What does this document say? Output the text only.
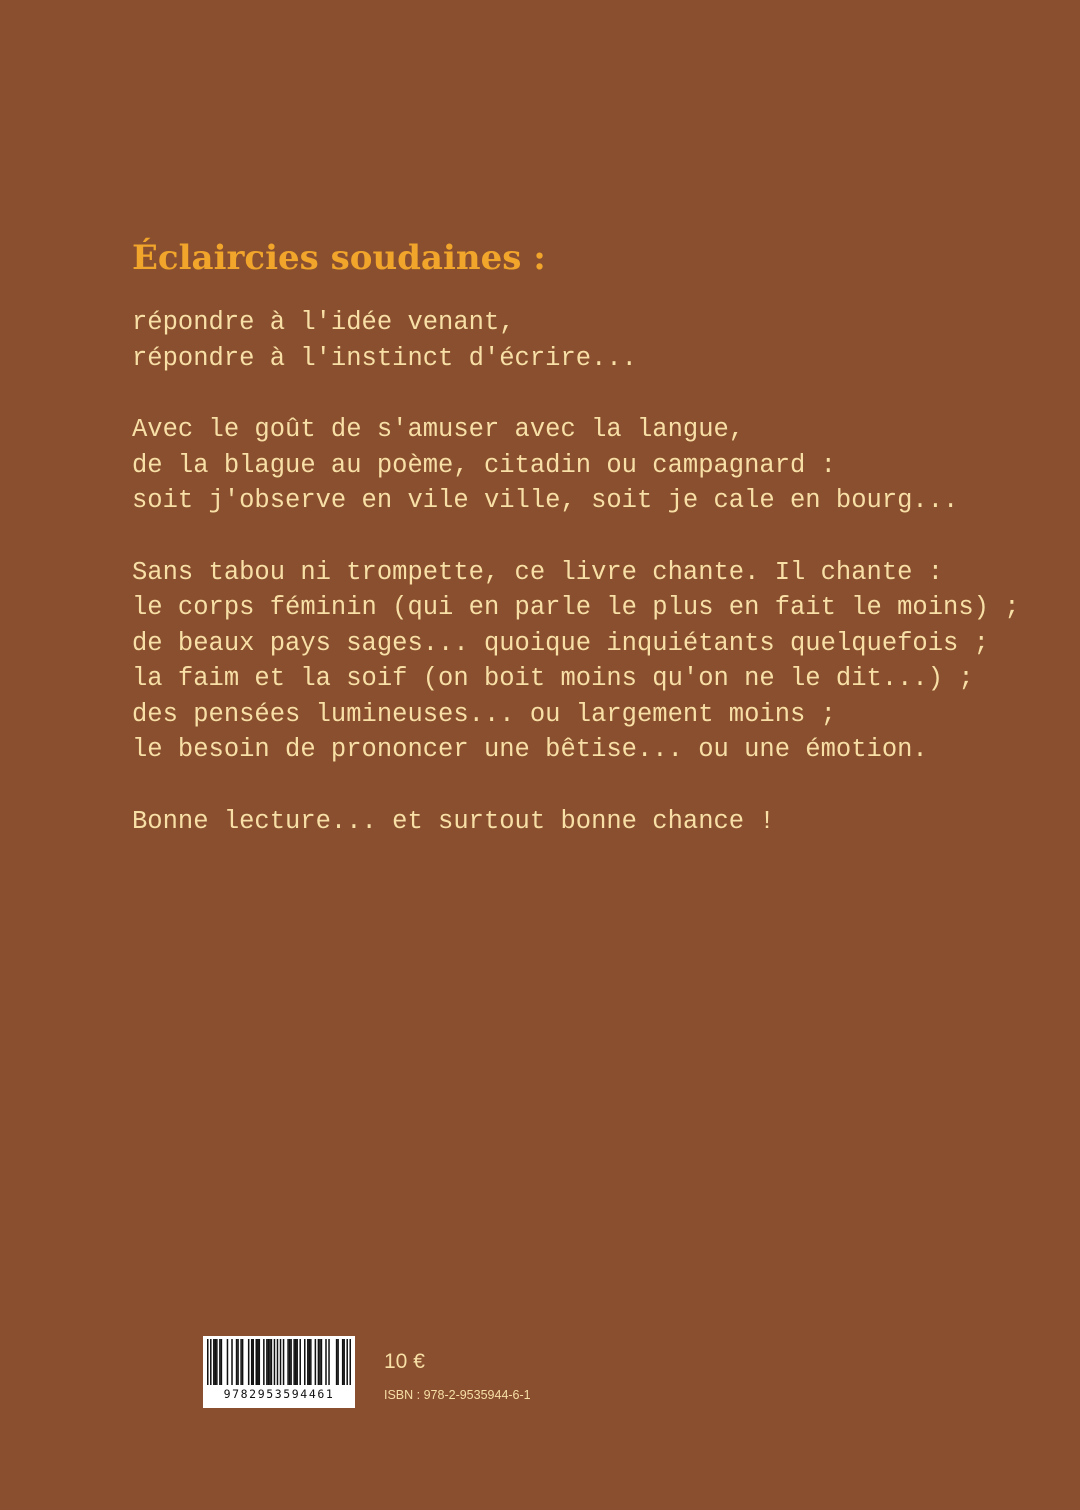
Éclaircies soudaines :

répondre à l'idée venant,
répondre à l'instinct d'écrire...

Avec le goût de s'amuser avec la langue,
de la blague au poème, citadin ou campagnard :
soit j'observe en vile ville, soit je cale en bourg...

Sans tabou ni trompette, ce livre chante. Il chante :
le corps féminin (qui en parle le plus en fait le moins) ;
de beaux pays sages... quoique inquiétants quelquefois ;
la faim et la soif (on boit moins qu'on ne le dit...) ;
des pensées lumineuses... ou largement moins ;
le besoin de prononcer une bêtise... ou une émotion.

Bonne lecture... et surtout bonne chance !

9782953594461
10 €
ISBN : 978-2-9535944-6-1
